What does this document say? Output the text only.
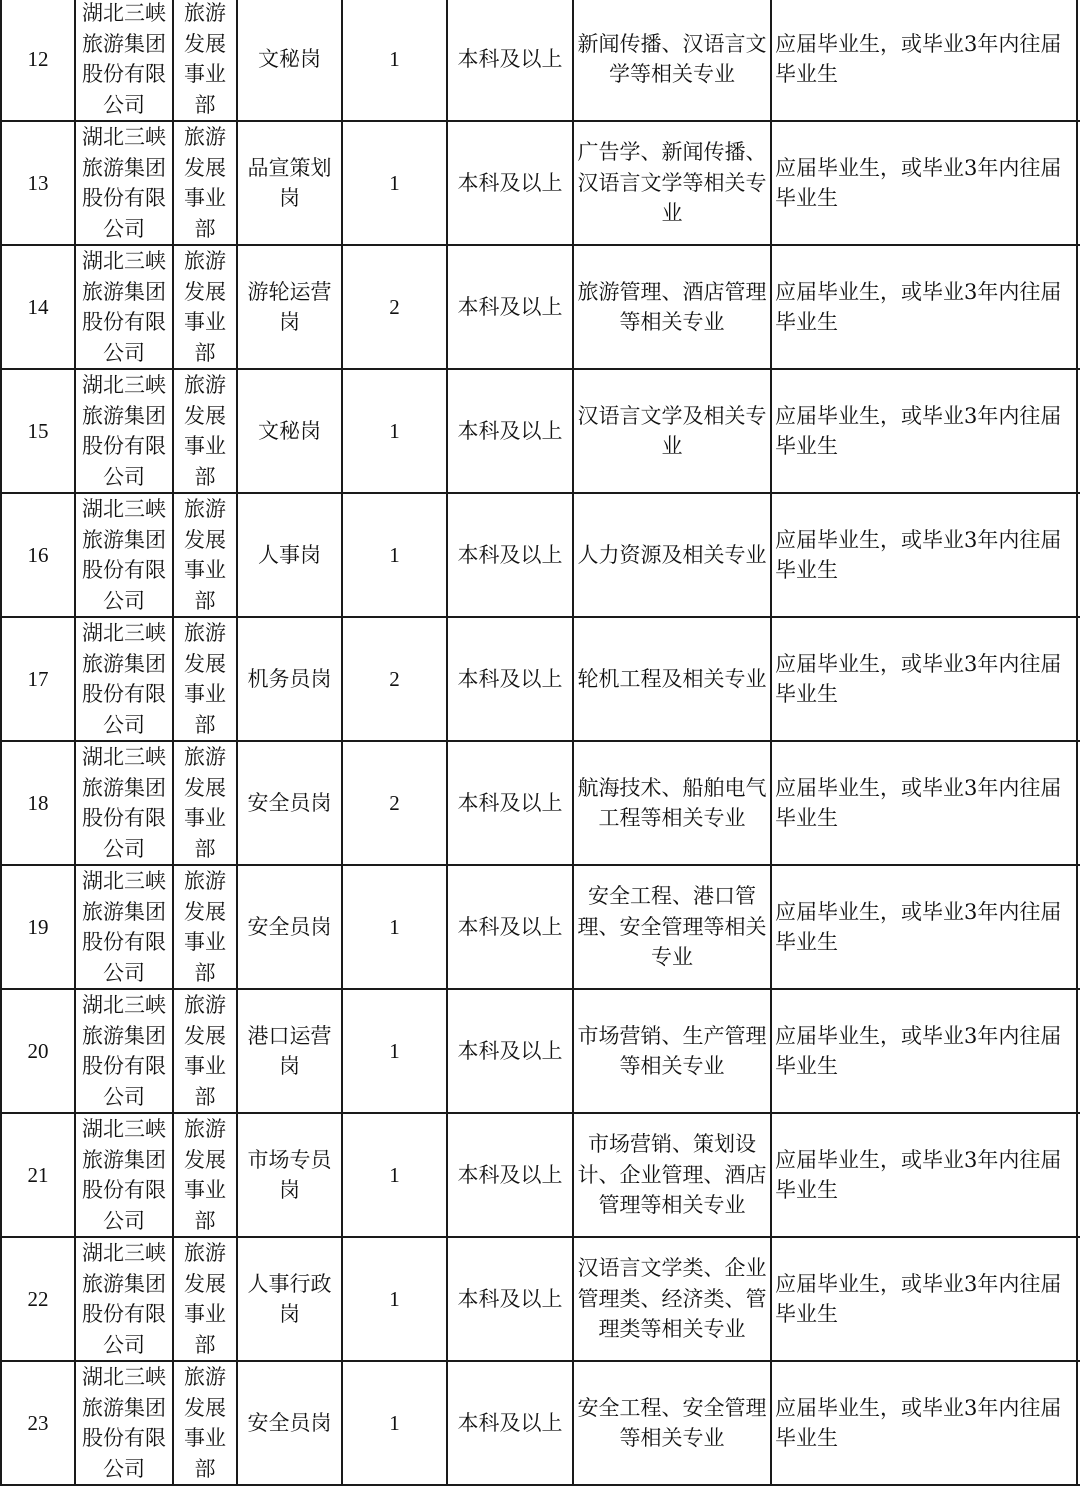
12	湖北三峡旅游集团股份有限公司	旅游发展事业部	文秘岗	1	本科及以上	新闻传播、汉语言文学等相关专业	应届毕业生，或毕业3年内往届毕业生	
13	湖北三峡旅游集团股份有限公司	旅游发展事业部	品宣策划岗	1	本科及以上	广告学、新闻传播、汉语言文学等相关专业	应届毕业生，或毕业3年内往届毕业生	
14	湖北三峡旅游集团股份有限公司	旅游发展事业部	游轮运营岗	2	本科及以上	旅游管理、酒店管理等相关专业	应届毕业生，或毕业3年内往届毕业生	
15	湖北三峡旅游集团股份有限公司	旅游发展事业部	文秘岗	1	本科及以上	汉语言文学及相关专业	应届毕业生，或毕业3年内往届毕业生	
16	湖北三峡旅游集团股份有限公司	旅游发展事业部	人事岗	1	本科及以上	人力资源及相关专业	应届毕业生，或毕业3年内往届毕业生	
17	湖北三峡旅游集团股份有限公司	旅游发展事业部	机务员岗	2	本科及以上	轮机工程及相关专业	应届毕业生，或毕业3年内往届毕业生	
18	湖北三峡旅游集团股份有限公司	旅游发展事业部	安全员岗	2	本科及以上	航海技术、船舶电气工程等相关专业	应届毕业生，或毕业3年内往届毕业生	
19	湖北三峡旅游集团股份有限公司	旅游发展事业部	安全员岗	1	本科及以上	安全工程、港口管理、安全管理等相关专业	应届毕业生，或毕业3年内往届毕业生	
20	湖北三峡旅游集团股份有限公司	旅游发展事业部	港口运营岗	1	本科及以上	市场营销、生产管理等相关专业	应届毕业生，或毕业3年内往届毕业生	
21	湖北三峡旅游集团股份有限公司	旅游发展事业部	市场专员岗	1	本科及以上	市场营销、策划设计、企业管理、酒店管理等相关专业	应届毕业生，或毕业3年内往届毕业生	
22	湖北三峡旅游集团股份有限公司	旅游发展事业部	人事行政岗	1	本科及以上	汉语言文学类、企业管理类、经济类、管理类等相关专业	应届毕业生，或毕业3年内往届毕业生	
23	湖北三峡旅游集团股份有限公司	旅游发展事业部	安全员岗	1	本科及以上	安全工程、安全管理等相关专业	应届毕业生，或毕业3年内往届毕业生	
